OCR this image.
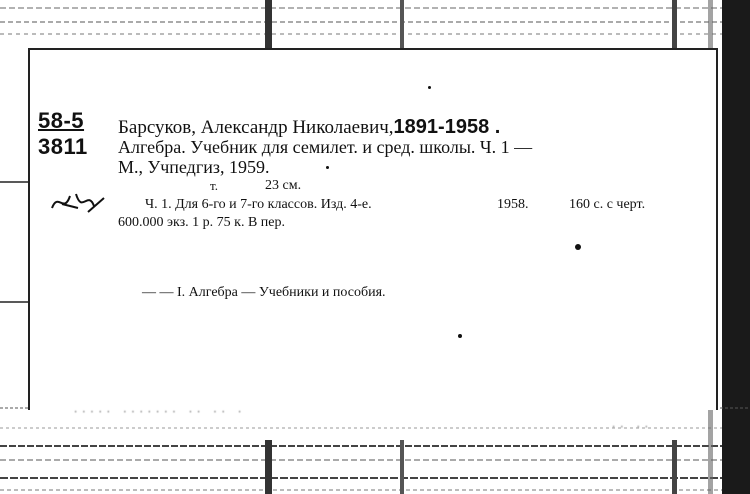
58-5
3811
Барсуков, Александр Николаевич,1891-1958 .
Алгебра. Учебник для семилет. и сред. школы. Ч. 1 —
М., Учпедгиз, 1959.
т.	23 см.
Ч. 1. Для 6-го и 7-го классов. Изд. 4-е.	1958.	160 с. с черт.
600.000 экз. 1 р. 75 к. В пер.
— — I. Алгебра — Учебники и пособия.
····· ······· ·· ·· ·
·· ··
